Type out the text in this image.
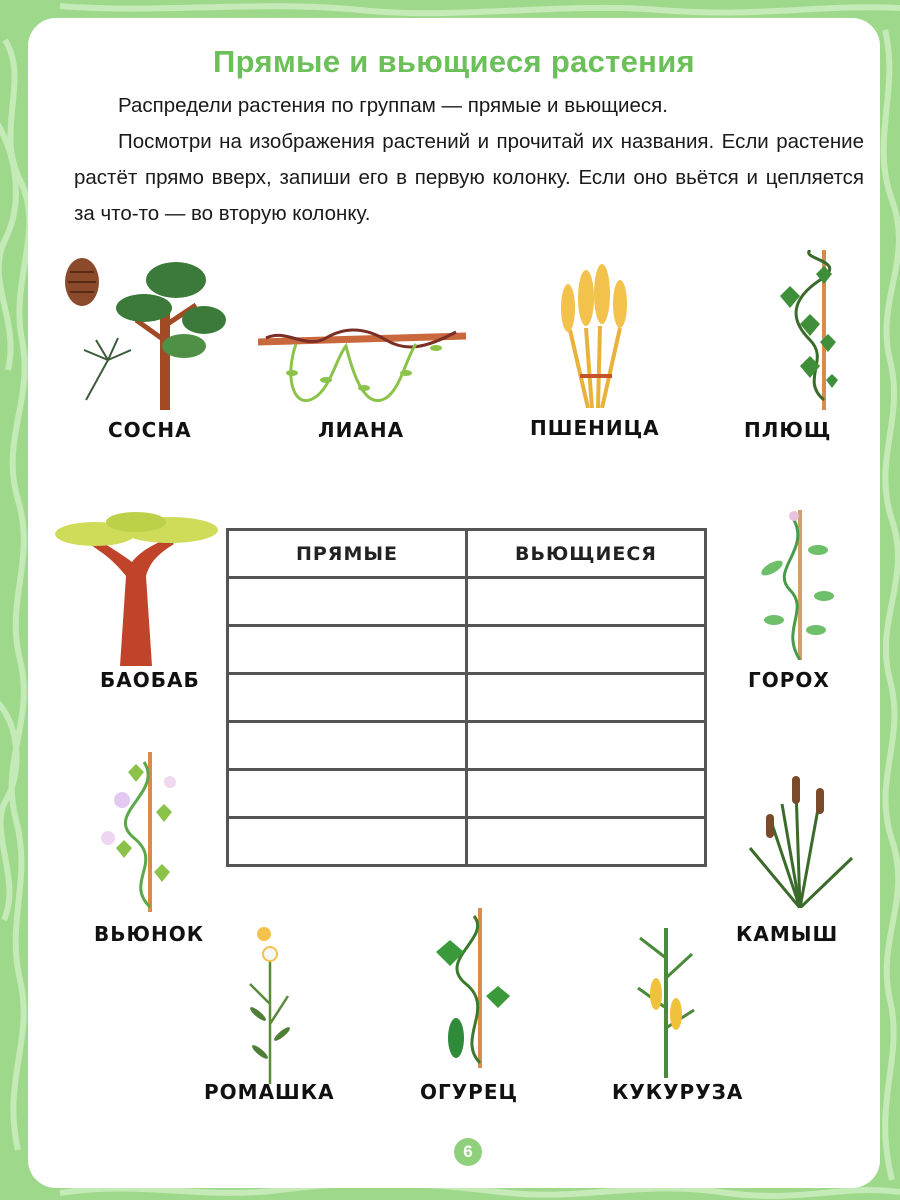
Прямые и вьющиеся растения

Распредели растения по группам — прямые и вьющиеся.

Посмотри на изображения растений и прочитай их названия. Если растение растёт прямо вверх, запиши его в первую колонку. Если оно вьётся и цепляется за что-то — во вторую колонку.

СОСНА	ЛИАНА	ПШЕНИЦА	ПЛЮЩ
БАОБАБ	ГОРОХ
ВЬЮНОК	КАМЫШ
РОМАШКА	ОГУРЕЦ	КУКУРУЗА
ПРЯМЫЕ	ВЬЮЩИЕСЯ

6
